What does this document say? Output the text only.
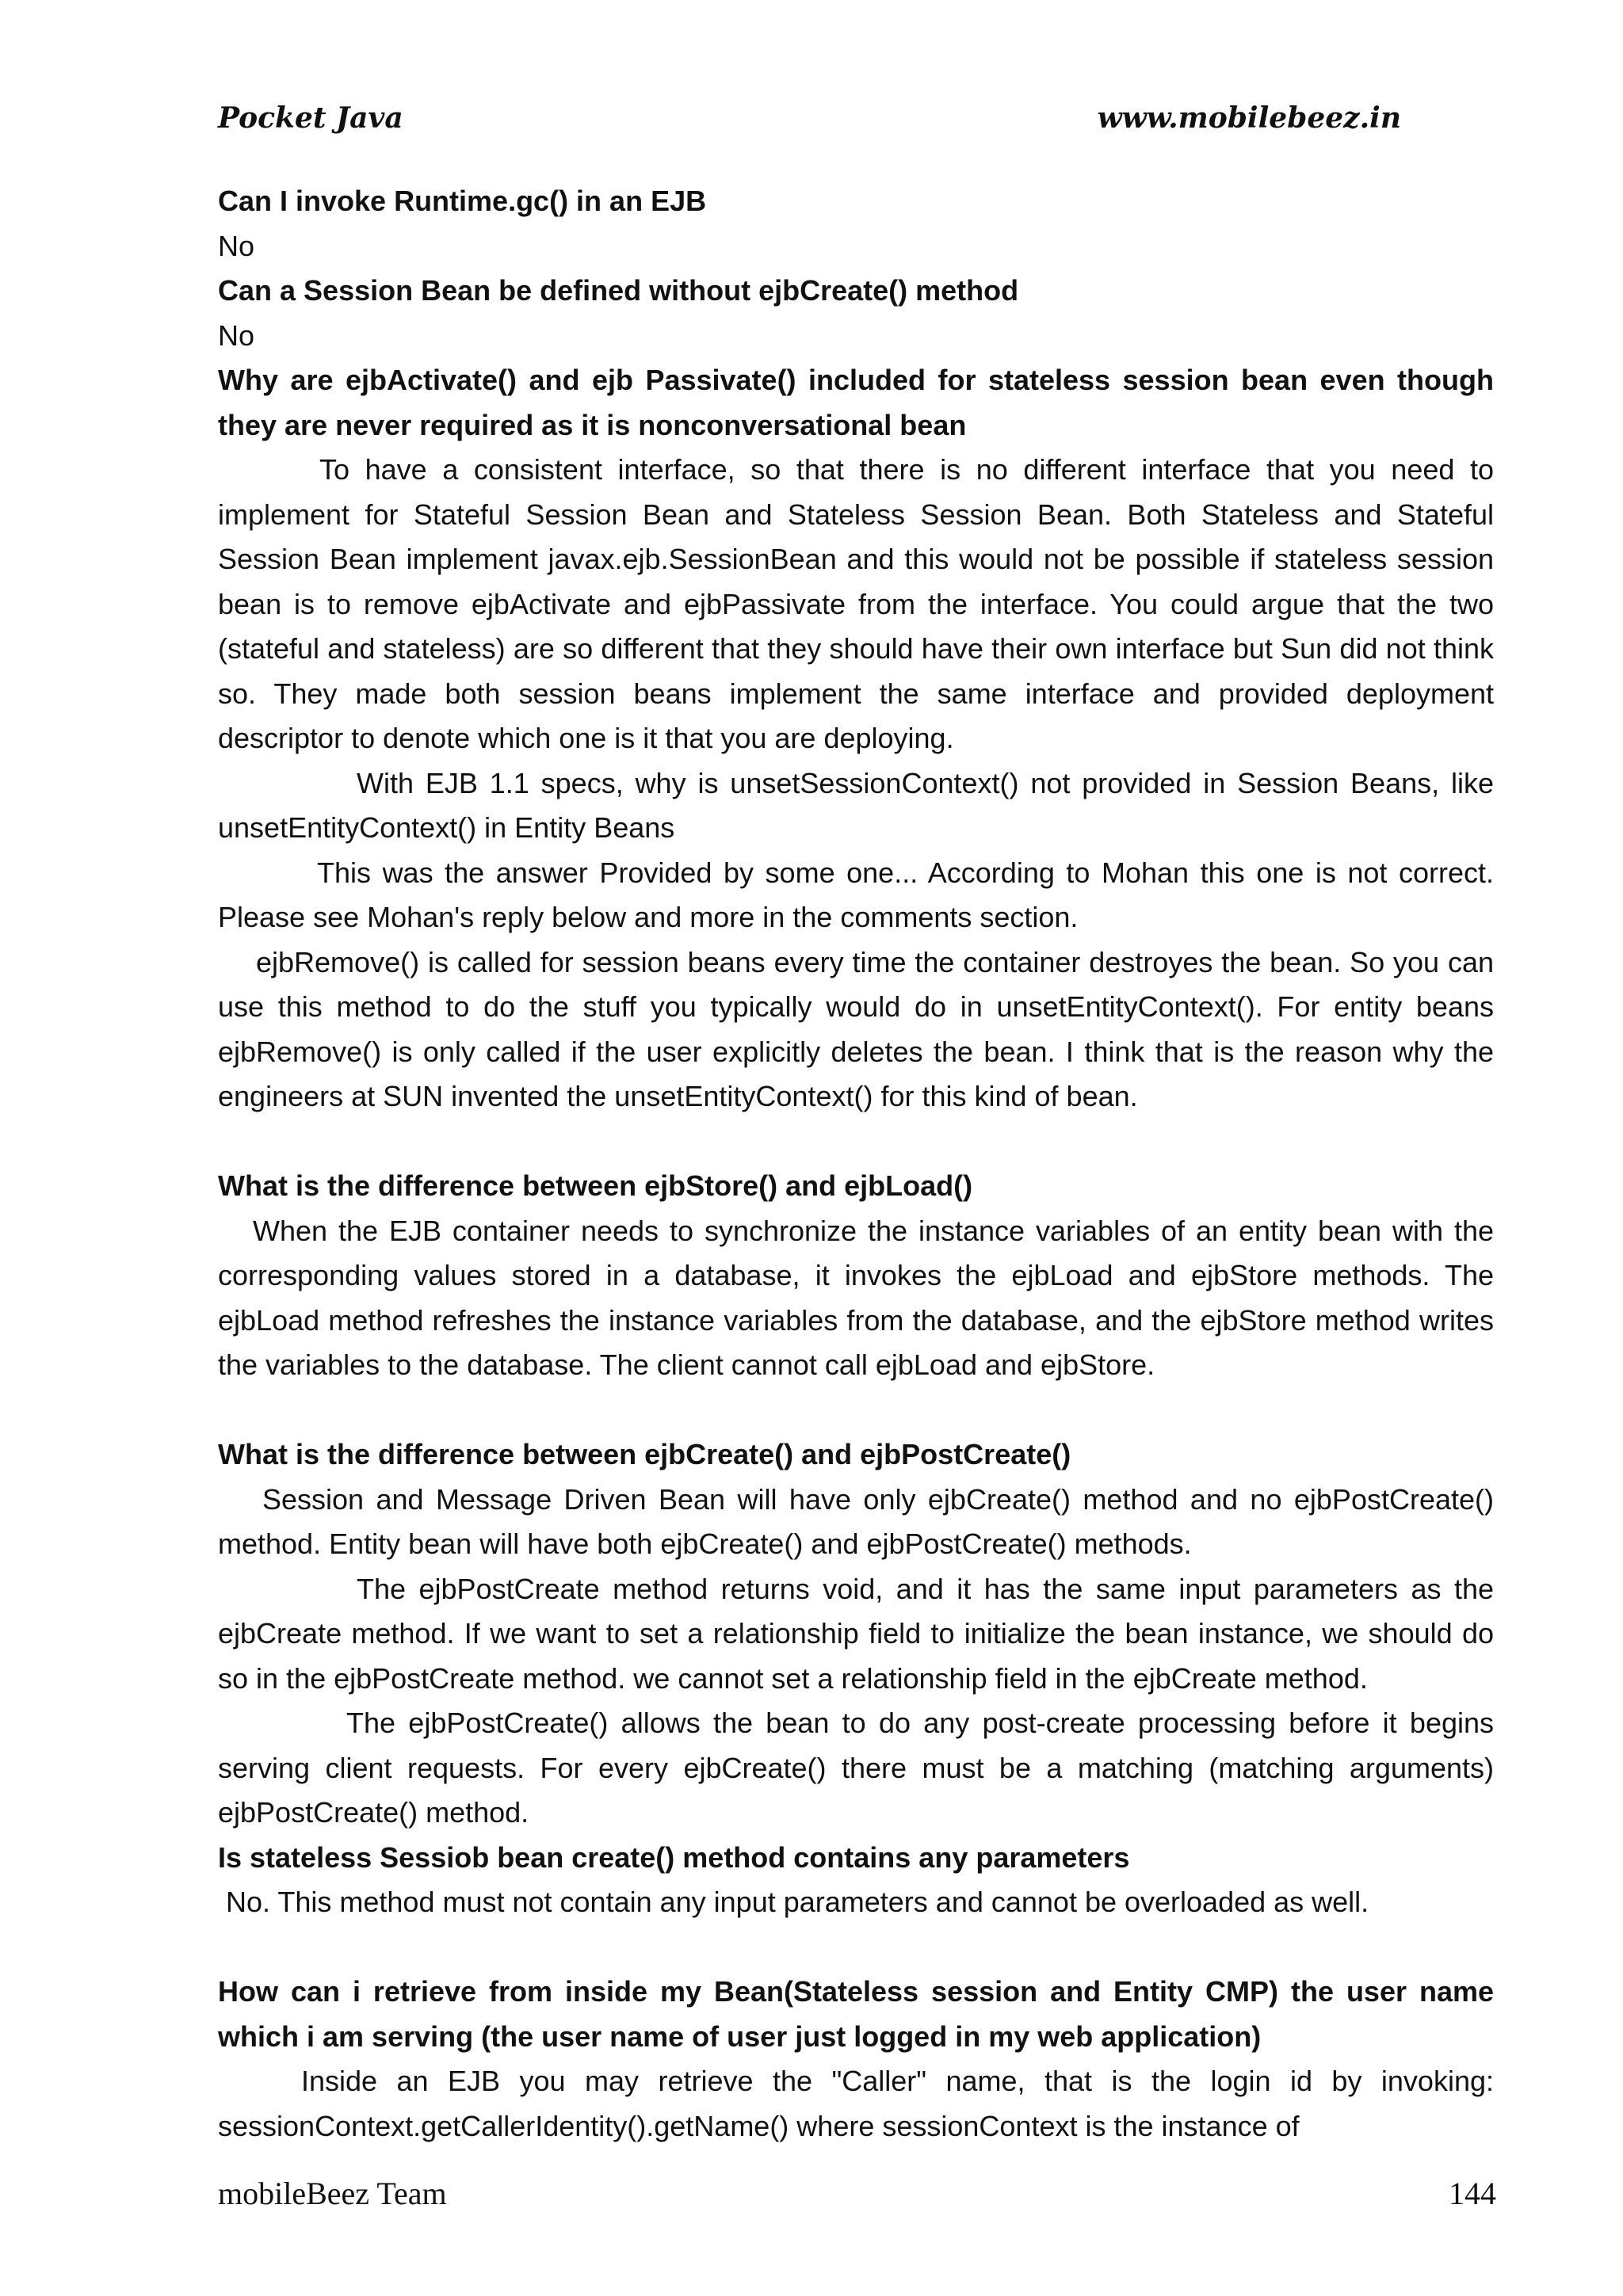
Pocket Java	www.mobilebeez.in

Can I invoke Runtime.gc() in an EJB

No

Can a Session Bean be defined without ejbCreate() method

No

Why are ejbActivate() and ejb Passivate() included for stateless session bean even though they are never required as it is nonconversational bean

To have a consistent interface, so that there is no different interface that you need to implement for Stateful Session Bean and Stateless Session Bean. Both Stateless and Stateful Session Bean implement javax.ejb.SessionBean and this would not be possible if stateless session bean is to remove ejbActivate and ejbPassivate from the interface. You could argue that the two (stateful and stateless) are so different that they should have their own interface but Sun did not think so. They made both session beans implement the same interface and provided deployment descriptor to denote which one is it that you are deploying.

With EJB 1.1 specs, why is unsetSessionContext() not provided in Session Beans, like unsetEntityContext() in Entity Beans

This was the answer Provided by some one... According to Mohan this one is not correct. Please see Mohan's reply below and more in the comments section.

ejbRemove() is called for session beans every time the container destroyes the bean. So you can use this method to do the stuff you typically would do in unsetEntityContext(). For entity beans ejbRemove() is only called if the user explicitly deletes the bean. I think that is the reason why the engineers at SUN invented the unsetEntityContext() for this kind of bean.

What is the difference between ejbStore() and ejbLoad()

When the EJB container needs to synchronize the instance variables of an entity bean with the corresponding values stored in a database, it invokes the ejbLoad and ejbStore methods. The ejbLoad method refreshes the instance variables from the database, and the ejbStore method writes the variables to the database. The client cannot call ejbLoad and ejbStore.

What is the difference between ejbCreate() and ejbPostCreate()

Session and Message Driven Bean will have only ejbCreate() method and no ejbPostCreate() method. Entity bean will have both ejbCreate() and ejbPostCreate() methods.

The ejbPostCreate method returns void, and it has the same input parameters as the ejbCreate method. If we want to set a relationship field to initialize the bean instance, we should do so in the ejbPostCreate method. we cannot set a relationship field in the ejbCreate method.

The ejbPostCreate() allows the bean to do any post-create processing before it begins serving client requests. For every ejbCreate() there must be a matching (matching arguments) ejbPostCreate() method.

Is stateless Sessiob bean create() method contains any parameters

No. This method must not contain any input parameters and cannot be overloaded as well.

How can i retrieve from inside my Bean(Stateless session and Entity CMP) the user name which i am serving (the user name of user just logged in my web application)

Inside an EJB you may retrieve the "Caller" name, that is the login id by invoking: sessionContext.getCallerIdentity().getName() where sessionContext is the instance of

mobileBeez Team	144
